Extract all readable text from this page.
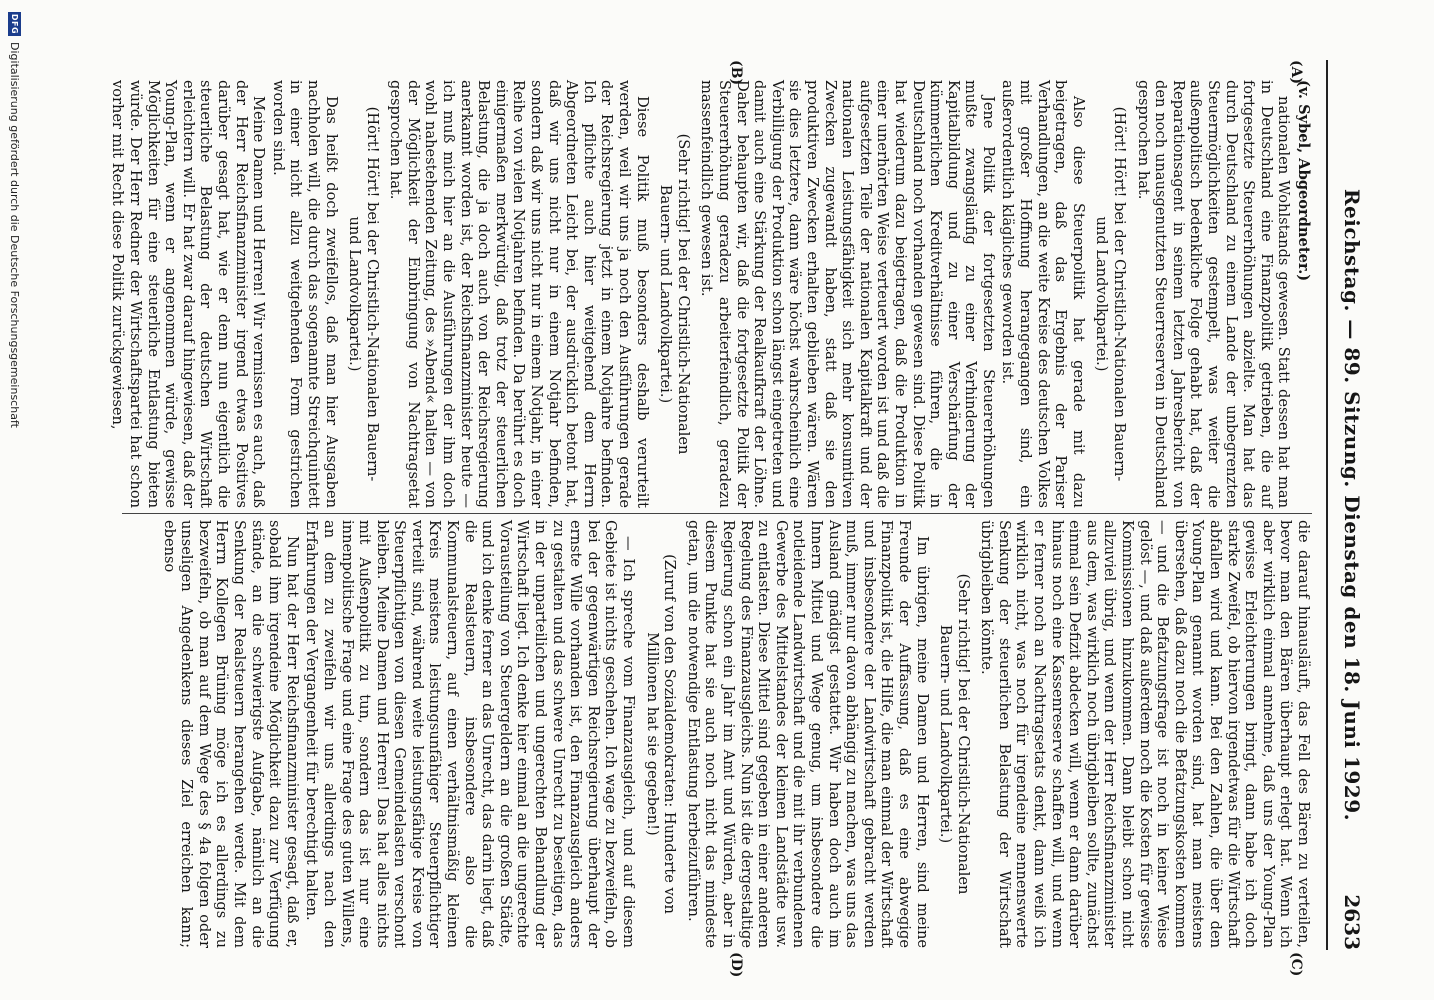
Reichstag. — 89. Sitzung. Dienstag den 18. Juni 1929.
2633
(A)
(B)
(C)
(D)

(v. Sybel, Abgeordneter.)

nationalen Wohlstands gewesen. Statt dessen hat man in Deutschland eine Finanzpolitik getrieben, die auf fortgesetzte Steuererhöhungen abzielte. Man hat das durch Deutschland zu einem Lande der unbegrenzten Steuermöglichkeiten gestempelt, was weiter die außenpolitisch bedenkliche Folge gehabt hat, daß der Reparationsagent in seinem letzten Jahresbericht von den noch unausgenutzten Steuerreserven in Deutschland gesprochen hat.

(Hört! Hört! bei der Christlich-Nationalen Bauern- und Landvolkpartei.)

Also diese Steuerpolitik hat gerade mit dazu beigetragen, daß das Ergebnis der Pariser Verhandlungen, an die weite Kreise des deutschen Volkes mit großer Hoffnung herangegangen sind, ein außerordentlich klägliches geworden ist.

Jene Politik der fortgesetzten Steuererhöhungen mußte zwangsläufig zu einer Verhinderung der Kapitalbildung und zu einer Verschärfung der kümmerlichen Kreditverhältnisse führen, die in Deutschland noch vorhanden gewesen sind. Diese Politik hat wiederum dazu beigetragen, daß die Produktion in einer unerhörten Weise verteuert worden ist und daß die aufgesetzten Teile der nationalen Kapitalkraft und der nationalen Leistungsfähigkeit sich mehr konsumtiven Zwecken zugewandt haben, statt daß sie den produktiven Zwecken erhalten geblieben wären. Wären sie dies letztere, dann wäre höchst wahrscheinlich eine Verbilligung der Produktion schon längst eingetreten und damit auch eine Stärkung der Realkaufkraft der Löhne. Daher behaupten wir, daß die fortgesetzte Politik der Steuererhöhung geradezu arbeiterfeindlich, geradezu massenfeindlich gewesen ist.

(Sehr richtig! bei der Christlich-Nationalen Bauern- und Landvolkpartei.)

Diese Politik muß besonders deshalb verurteilt werden, weil wir uns ja noch den Ausführungen gerade der Reichsregierung jetzt in einem Notjahre befinden. Ich pflichte auch hier weitgehend dem Herrn Abgeordneten Leicht bei, der ausdrücklich betont hat, daß wir uns nicht nur in einem Notjahr befinden, sondern daß wir uns nicht nur in einem Notjahr, in einer Reihe von vielen Notjahren befinden. Da berührt es doch einigermaßen merkwürdig, daß trotz der steuerlichen Belastung, die ja doch auch von der Reichsregierung anerkannt worden ist, der Reichsfinanzminister heute — ich muß mich hier an die Ausführungen der ihm doch wohl nahestehenden Zeitung, des »Abend« halten — von der Möglichkeit der Einbringung von Nachtragsetat gesprochen hat.

(Hört! Hört! bei der Christlich-Nationalen Bauern- und Landvolkpartei.)

Das heißt doch zweifellos, daß man hier Ausgaben nachholen will, die durch das sogenannte Streichquintett in einer nicht allzu weitgehenden Form gestrichen worden sind.

Meine Damen und Herren! Wir vermissen es auch, daß der Herr Reichsfinanzminister irgend etwas Positives darüber gesagt hat, wie er denn nun eigentlich die steuerliche Belastung der deutschen Wirtschaft erleichtern will. Er hat zwar darauf hingewiesen, daß der Young-Plan, wenn er angenommen würde, gewisse Möglichkeiten für eine steuerliche Entlastung bieten würde. Der Herr Redner der Wirtschaftspartei hat schon vorher mit Recht diese Politik zurückgewiesen,

die darauf hinausläuft, das Fell des Bären zu verteilen, bevor man den Bären überhaupt erlegt hat. Wenn ich aber wirklich einmal annehme, daß uns der Young-Plan gewisse Erleichterungen bringt, dann habe ich doch starke Zweifel, ob hiervon irgendetwas für die Wirtschaft abfallen wird und kann. Bei den Zahlen, die über den Young-Plan genannt worden sind, hat man meistens übersehen, daß dazu noch die Befatzungskosten kommen — und die Befatzungsfrage ist noch in keiner Weise gelöst —, und daß außerdem noch die Kosten für gewisse Kommissionen hinzukommen. Dann bleibt schon nicht allzuviel übrig, und wenn der Herr Reichsfinanzminister aus dem, was wirklich noch übrigbleiben sollte, zunächst einmal sein Defizit abdecken will, wenn er dann darüber hinaus noch eine Kassenreserve schaffen will, und wenn er ferner noch an Nachtragsetats denkt, dann weiß ich wirklich nicht, was noch für irgendeine nennenswerte Senkung der steuerlichen Belastung der Wirtschaft übrigbleiben könnte.

(Sehr richtig! bei der Christlich-Nationalen Bauern- und Landvolkpartei.)

Im übrigen, meine Damen und Herren, sind meine Freunde der Auffassung, daß es eine abwegige Finanzpolitik ist, die Hilfe, die man einmal der Wirtschaft und insbesondere der Landwirtschaft gebracht werden muß, immer nur davon abhängig zu machen, was uns das Ausland gnädigst gestattet. Wir haben doch auch im Innern Mittel und Wege genug, um insbesondere die notleidende Landwirtschaft und die mit ihr verbundenen Gewerbe des Mittelstandes der kleinen Landstädte usw. zu entlasten. Diese Mittel sind gegeben in einer anderen Regelung des Finanzausgleichs. Nun ist die dergestaltige Regierung schon ein Jahr im Amt und Würden, aber in diesem Punkte hat sie auch noch nicht das mindeste getan, um die notwendige Entlastung herbeizuführen.

(Zuruf von den Sozialdemokraten: Hunderte von Millionen hat sie gegeben!)

— Ich spreche vom Finanzausgleich, und auf diesem Gebiete ist nichts geschehen. Ich wage zu bezweifeln, ob bei der gegenwärtigen Reichsregierung überhaupt der ernste Wille vorhanden ist, den Finanzausgleich anders zu gestalten und das schwere Unrecht zu beseitigen, das in der unparteilichen und ungerechten Behandlung der Wirtschaft liegt. Ich denke hier einmal an die ungerechte Vorausteilung von Steuergeldern an die großen Städte, und ich denke ferner an das Unrecht, das darin liegt, daß die Realsteuern, insbesondere also die Kommunalsteuern, auf einen verhältnismäßig kleinen Kreis meistens leistungsunfähiger Steuerpflichtiger verteilt sind, während weite leistungsfähige Kreise von Steuerpflichtigen von diesen Gemeindelasten verschont bleiben. Meine Damen und Herren! Das hat alles nichts mit Außenpolitik zu tun, sondern das ist nur eine innenpolitische Frage und eine Frage des guten Willens, an dem zu zweifeln wir uns allerdings nach den Erfahrungen der Vergangenheit für berechtigt halten.

Nun hat der Herr Reichsfinanzminister gesagt, daß er, sobald ihm irgendeine Möglichkeit dazu zur Verfügung stände, an die schwierigste Aufgabe, nämlich an die Senkung der Realsteuern herangehen werde. Mit dem Herrn Kollegen Brüning möge ich es allerdings zu bezweifeln, ob man auf dem Wege des § 4a folgen oder unseligen Angedenkens dieses Ziel erreichen kann; ebenso

DFG
Digitalisierung gefördert durch die Deutsche Forschungsgemeinschaft
